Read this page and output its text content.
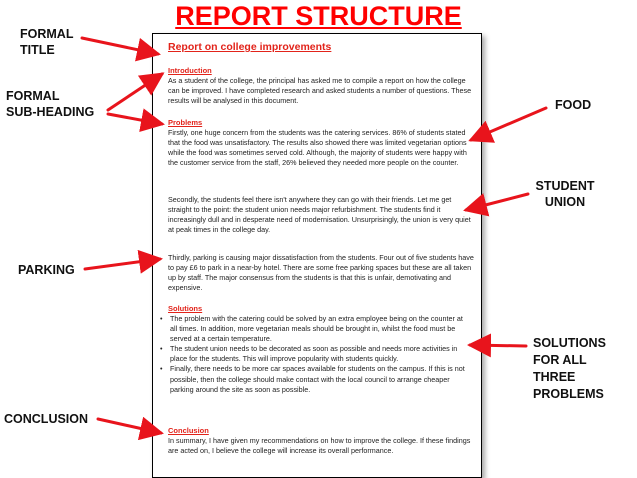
REPORT STRUCTURE
FORMAL
TITLE
FORMAL
SUB-HEADING
PARKING
CONCLUSION
FOOD
STUDENT
UNION
SOLUTIONS
FOR ALL
THREE
PROBLEMS
Report on college improvements
Introduction
As a student of the college, the principal has asked me to compile a report on how the college can be improved. I have completed research and asked students a number of questions. These results will be analysed in this document.
Problems
Firstly, one huge concern from the students was the catering services. 86% of students stated that the food was unsatisfactory. The results also showed there was limited vegetarian options while the food was sometimes served cold. Although, the majority of students were happy with the customer service from the staff, 26% believed they needed more people on the counter.
Secondly, the students feel there isn't anywhere they can go with their friends. Let me get straight to the point: the student union needs major refurbishment. The students find it increasingly dull and in desperate need of modernisation. Unsurprisingly, the union is very quiet at peak times in the college day.
Thirdly, parking is causing major dissatisfaction from the students. Four out of five students have to pay £6 to park in a near-by hotel. There are some free parking spaces but these are all taken up by staff. The major consensus from the students is that this is unfair, demotivating and expensive.
Solutions
• The problem with the catering could be solved by an extra employee being on the counter at all times. In addition, more vegetarian meals should be brought in, whilst the food must be served at a certain temperature.
• The student union needs to be decorated as soon as possible and needs more activities in place for the students. This will improve popularity with students quickly.
• Finally, there needs to be more car spaces available for students on the campus. If this is not possible, then the college should make contact with the local council to arrange cheaper parking around the site as soon as possible.
Conclusion
In summary, I have given my recommendations on how to improve the college. If these findings are acted on, I believe the college will increase its overall performance.
